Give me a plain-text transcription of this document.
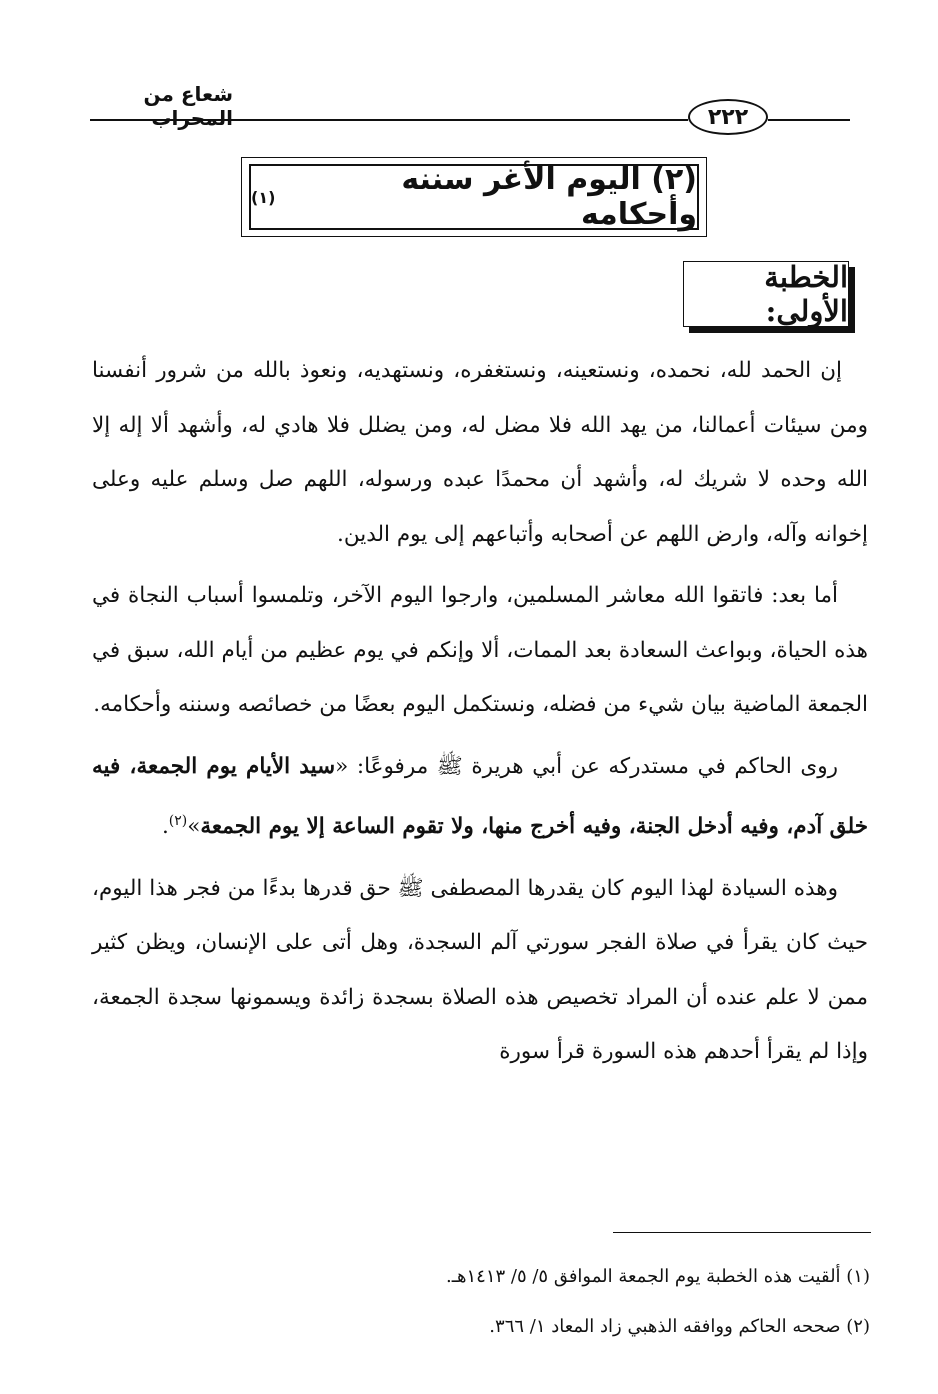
شعاع من المحراب	٢٢٢
(٢) اليوم الأغر سننه وأحكامه
(١)
الخطبة الأولى:

إن الحمد لله، نحمده، ونستعينه، ونستغفره، ونستهديه، ونعوذ بالله من شرور أنفسنا ومن سيئات أعمالنا، من يهد الله فلا مضل له، ومن يضلل فلا هادي له، وأشهد ألا إله إلا الله وحده لا شريك له، وأشهد أن محمدًا عبده ورسوله، اللهم صل وسلم عليه وعلى إخوانه وآله، وارض اللهم عن أصحابه وأتباعهم إلى يوم الدين.

أما بعد: فاتقوا الله معاشر المسلمين، وارجوا اليوم الآخر، وتلمسوا أسباب النجاة في هذه الحياة، وبواعث السعادة بعد الممات، ألا وإنكم في يوم عظيم من أيام الله، سبق في الجمعة الماضية بيان شيء من فضله، ونستكمل اليوم بعضًا من خصائصه وسننه وأحكامه.

روى الحاكم في مستدركه عن أبي هريرة ﷺ مرفوعًا: «سيد الأيام يوم الجمعة، فيه خلق آدم، وفيه أدخل الجنة، وفيه أخرج منها، ولا تقوم الساعة إلا يوم الجمعة»$^{(٢)}$.

وهذه السيادة لهذا اليوم كان يقدرها المصطفى ﷺ حق قدرها بدءًا من فجر هذا اليوم، حيث كان يقرأ في صلاة الفجر سورتي آلم السجدة، وهل أتى على الإنسان، ويظن كثير ممن لا علم عنده أن المراد تخصيص هذه الصلاة بسجدة زائدة ويسمونها سجدة الجمعة، وإذا لم يقرأ أحدهم هذه السورة قرأ سورة

(١) ألقيت هذه الخطبة يوم الجمعة الموافق ٥/ ٥/ ١٤١٣هـ.
(٢) صححه الحاكم ووافقه الذهبي زاد المعاد ١/ ٣٦٦.
